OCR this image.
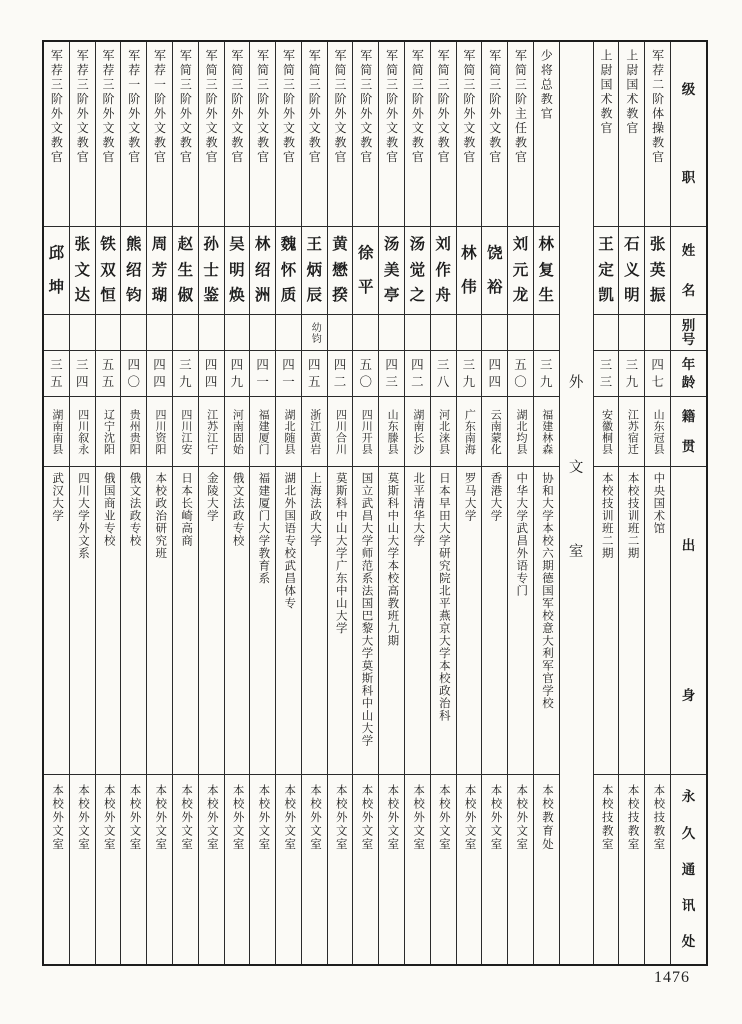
级
职
姓
名
别
号
年
龄
籍
贯
出
身
永
久
通
讯
处
军荐二阶体操教官
张
英
振
四
七
山东冠县
中央国术馆
本校技教室
上尉国术教官
石
义
明
三
九
江苏宿迁
本校技训班二期
本校技教室
上尉国术教官
王
定
凯
三
三
安徽桐县
本校技训班二期
本校技教室
外
文
室
少将总教官
林
复
生
三
九
福建林森
协和大学本校六期德国军校意大利军官学校
本校教育处
军简三阶主任教官
刘
元
龙
五
〇
湖北均县
中华大学武昌外语专门
本校外文室
军简三阶外文教官
饶
裕
四
四
云南蒙化
香港大学
本校外文室
军简三阶外文教官
林
伟
三
九
广东南海
罗马大学
本校外文室
军简三阶外文教官
刘
作
舟
三
八
河北涞县
日本早田大学研究院北平燕京大学本校政治科
本校外文室
军简三阶外文教官
汤
觉
之
四
二
湖南长沙
北平清华大学
本校外文室
军简三阶外文教官
汤
美
亭
四
三
山东滕县
莫斯科中山大学本校高教班九期
本校外文室
军简三阶外文教官
徐
平
五
〇
四川开县
国立武昌大学师范系法国巴黎大学莫斯科中山大学
本校外文室
军简三阶外文教官
黄
懋
揆
四
二
四川合川
莫斯科中山大学广东中山大学
本校外文室
军简三阶外文教官
王
炳
辰
幼钧
四
五
浙江黄岩
上海法政大学
本校外文室
军简三阶外文教官
魏
怀
质
四
一
湖北随县
湖北外国语专校武昌体专
本校外文室
军简三阶外文教官
林
绍
洲
四
一
福建厦门
福建厦门大学教育系
本校外文室
军简三阶外文教官
吴
明
焕
四
九
河南固始
俄文法政专校
本校外文室
军简三阶外文教官
孙
士
鉴
四
四
江苏江宁
金陵大学
本校外文室
军简三阶外文教官
赵
生
俶
三
九
四川江安
日本长崎高商
本校外文室
军荐一阶外文教官
周
芳
瑚
四
四
四川资阳
本校政治研究班
本校外文室
军荐一阶外文教官
熊
绍
钧
四
〇
贵州贵阳
俄文法政专校
本校外文室
军荐三阶外文教官
铁
双
恒
五
五
辽宁沈阳
俄国商业专校
本校外文室
军荐三阶外文教官
张
文
达
三
四
四川叙永
四川大学外文系
本校外文室
军荐三阶外文教官
邱
坤
三
五
湖南南县
武汉大学
本校外文室
1476
